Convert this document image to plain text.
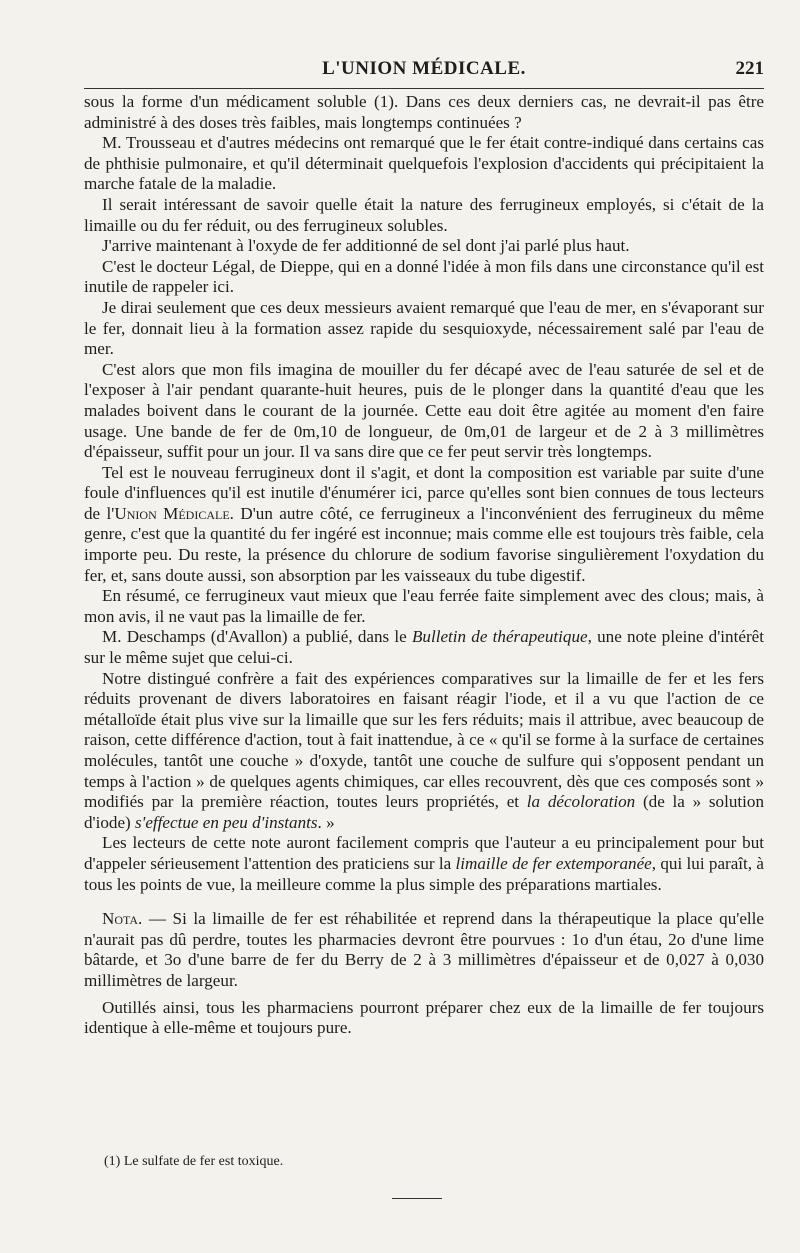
L'UNION MÉDICALE.	221

sous la forme d'un médicament soluble (1). Dans ces deux derniers cas, ne devrait-il pas être administré à des doses très faibles, mais longtemps continuées ?

M. Trousseau et d'autres médecins ont remarqué que le fer était contre-indiqué dans certains cas de phthisie pulmonaire, et qu'il déterminait quelquefois l'explosion d'accidents qui précipitaient la marche fatale de la maladie.

Il serait intéressant de savoir quelle était la nature des ferrugineux employés, si c'était de la limaille ou du fer réduit, ou des ferrugineux solubles.

J'arrive maintenant à l'oxyde de fer additionné de sel dont j'ai parlé plus haut.

C'est le docteur Légal, de Dieppe, qui en a donné l'idée à mon fils dans une circonstance qu'il est inutile de rappeler ici.

Je dirai seulement que ces deux messieurs avaient remarqué que l'eau de mer, en s'évaporant sur le fer, donnait lieu à la formation assez rapide du sesquioxyde, nécessairement salé par l'eau de mer.

C'est alors que mon fils imagina de mouiller du fer décapé avec de l'eau saturée de sel et de l'exposer à l'air pendant quarante-huit heures, puis de le plonger dans la quantité d'eau que les malades boivent dans le courant de la journée. Cette eau doit être agitée au moment d'en faire usage. Une bande de fer de 0m,10 de longueur, de 0m,01 de largeur et de 2 à 3 millimètres d'épaisseur, suffit pour un jour. Il va sans dire que ce fer peut servir très longtemps.

Tel est le nouveau ferrugineux dont il s'agit, et dont la composition est variable par suite d'une foule d'influences qu'il est inutile d'énumérer ici, parce qu'elles sont bien connues de tous lecteurs de l'Union Médicale. D'un autre côté, ce ferrugineux a l'inconvénient des ferrugineux du même genre, c'est que la quantité du fer ingéré est inconnue; mais comme elle est toujours très faible, cela importe peu. Du reste, la présence du chlorure de sodium favorise singulièrement l'oxydation du fer, et, sans doute aussi, son absorption par les vaisseaux du tube digestif.

En résumé, ce ferrugineux vaut mieux que l'eau ferrée faite simplement avec des clous; mais, à mon avis, il ne vaut pas la limaille de fer.

M. Deschamps (d'Avallon) a publié, dans le Bulletin de thérapeutique, une note pleine d'intérêt sur le même sujet que celui-ci.

Notre distingué confrère a fait des expériences comparatives sur la limaille de fer et les fers réduits provenant de divers laboratoires en faisant réagir l'iode, et il a vu que l'action de ce métalloïde était plus vive sur la limaille que sur les fers réduits; mais il attribue, avec beaucoup de raison, cette différence d'action, tout à fait inattendue, à ce « qu'il se forme à la surface de certaines molécules, tantôt une couche » d'oxyde, tantôt une couche de sulfure qui s'opposent pendant un temps à l'action » de quelques agents chimiques, car elles recouvrent, dès que ces composés sont » modifiés par la première réaction, toutes leurs propriétés, et la décoloration (de la » solution d'iode) s'effectue en peu d'instants. »

Les lecteurs de cette note auront facilement compris que l'auteur a eu principalement pour but d'appeler sérieusement l'attention des praticiens sur la limaille de fer extemporanée, qui lui paraît, à tous les points de vue, la meilleure comme la plus simple des préparations martiales.

Nota. — Si la limaille de fer est réhabilitée et reprend dans la thérapeutique la place qu'elle n'aurait pas dû perdre, toutes les pharmacies devront être pourvues : 1o d'un étau, 2o d'une lime bâtarde, et 3o d'une barre de fer du Berry de 2 à 3 millimètres d'épaisseur et de 0,027 à 0,030 millimètres de largeur.

Outillés ainsi, tous les pharmaciens pourront préparer chez eux de la limaille de fer toujours identique à elle-même et toujours pure.

(1) Le sulfate de fer est toxique.
